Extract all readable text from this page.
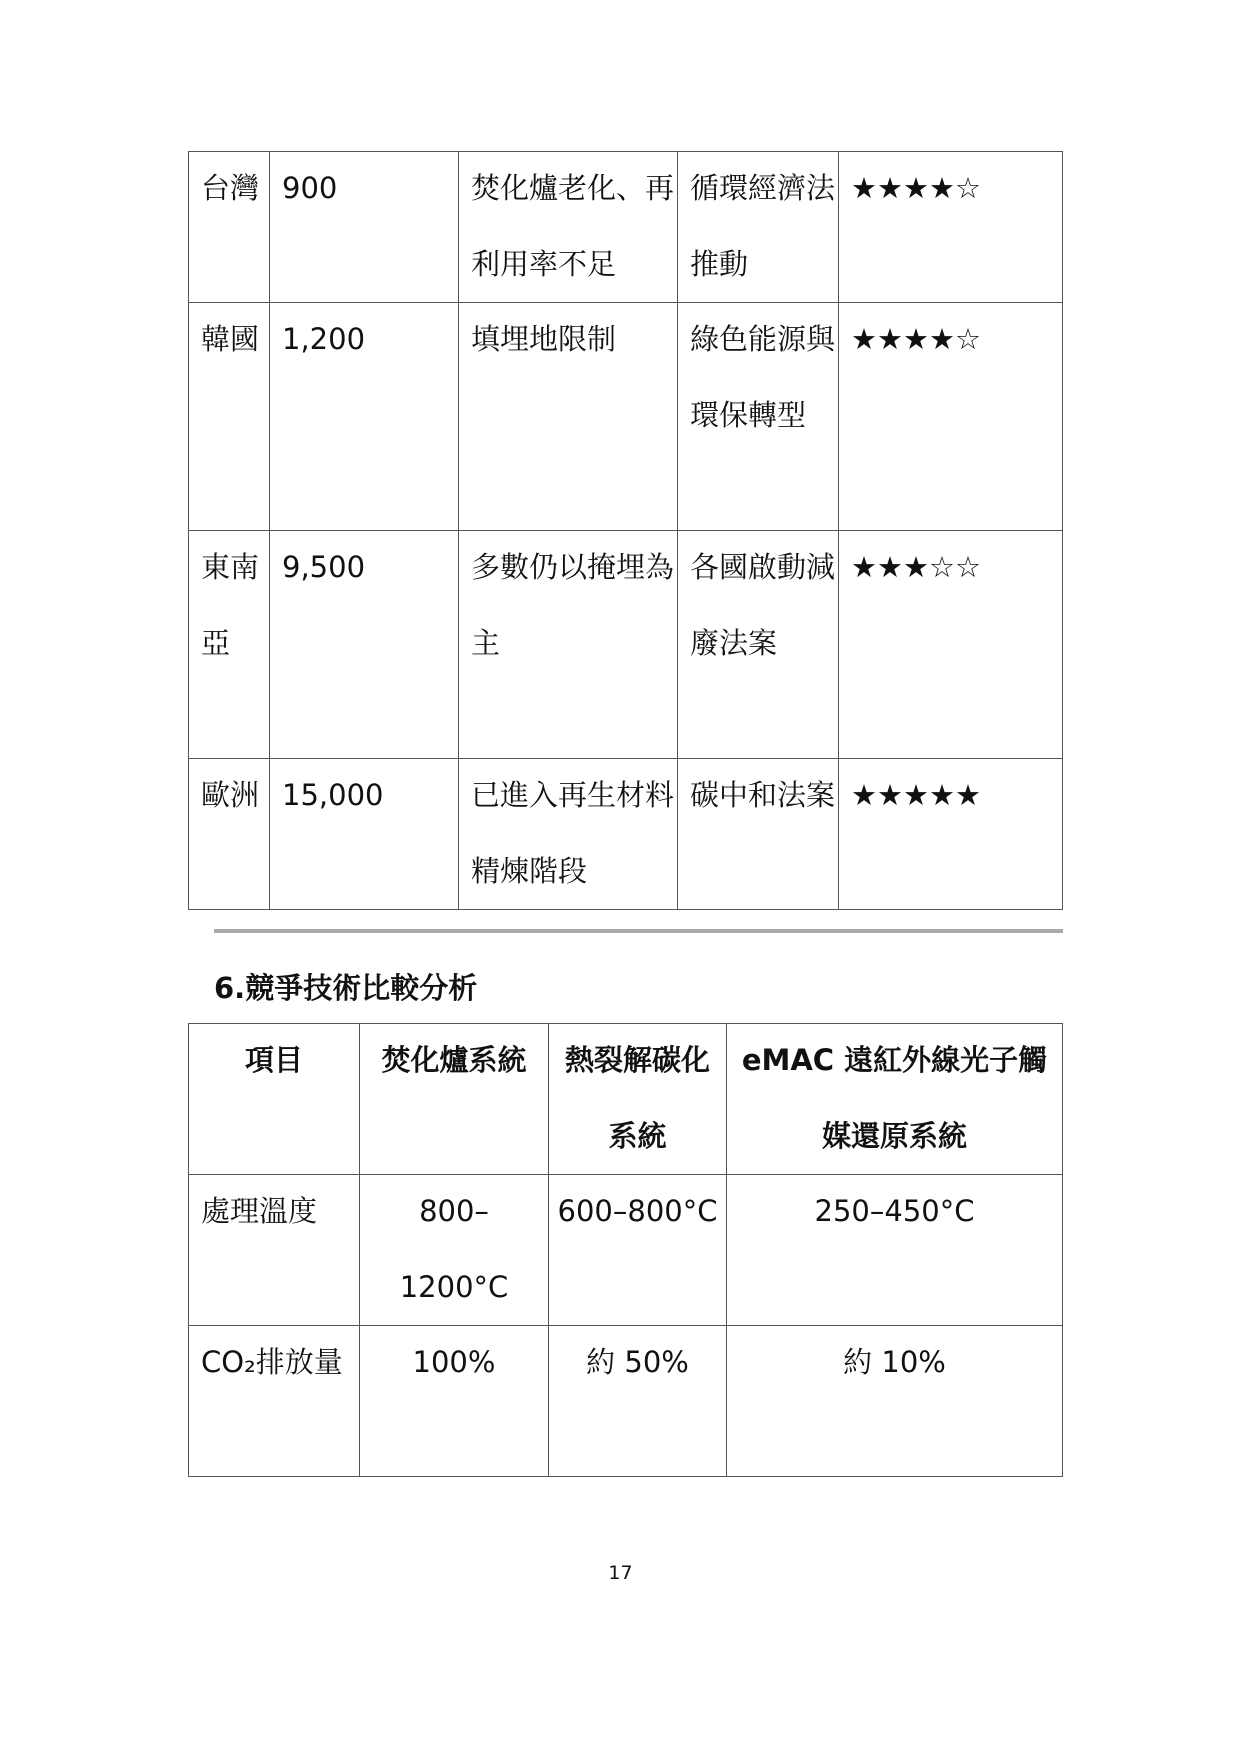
台灣	900	焚化爐老化、再利用率不足	循環經濟法推動	★★★★☆

韓國	1,200	填埋地限制	綠色能源與環保轉型	★★★★☆

東南亞	9,500	多數仍以掩埋為主	各國啟動減廢法案	★★★☆☆

歐洲	15,000	已進入再生材料精煉階段	碳中和法案	★★★★★
6.競爭技術比較分析
項目	焚化爐系統	熱裂解碳化系統	eMAC 遠紅外線光子觸媒還原系統

處理溫度	800–1200°C	600–800°C	250–450°C

CO₂排放量	100%	約 50%	約 10%

17
